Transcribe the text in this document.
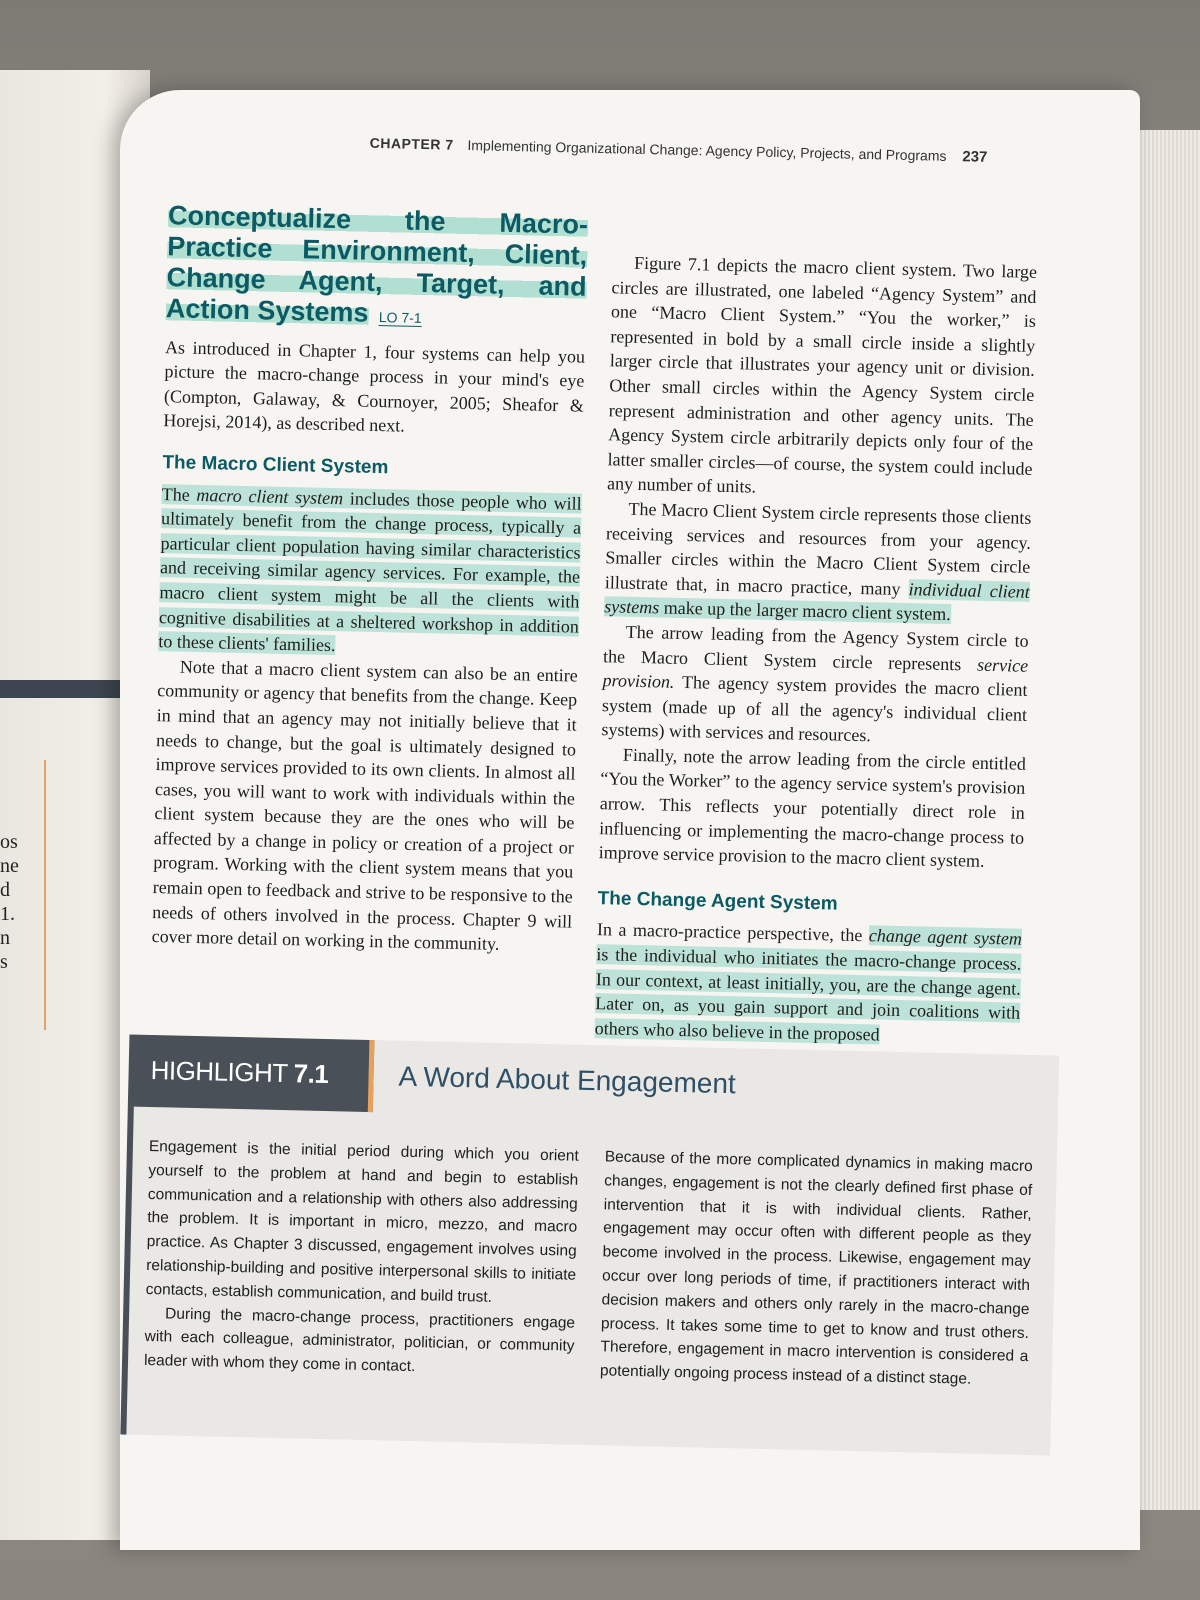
os
ne
d
1.
n
s
CHAPTER 7 Implementing Organizational Change: Agency Policy, Projects, and Programs 237
Conceptualize the Macro-Practice Environment, Client, Change Agent, Target, and Action Systems LO 7-1

As introduced in Chapter 1, four systems can help you picture the macro-change process in your mind's eye (Compton, Galaway, & Cournoyer, 2005; Sheafor & Horejsi, 2014), as described next.

The Macro Client System

The macro client system includes those people who will ultimately benefit from the change process, typically a particular client population having similar characteristics and receiving similar agency services. For example, the macro client system might be all the clients with cognitive disabilities at a sheltered workshop in addition to these clients' families.

Note that a macro client system can also be an entire community or agency that benefits from the change. Keep in mind that an agency may not initially believe that it needs to change, but the goal is ultimately designed to improve services provided to its own clients. In almost all cases, you will want to work with individuals within the client system because they are the ones who will be affected by a change in policy or creation of a project or program. Working with the client system means that you remain open to feedback and strive to be responsive to the needs of others involved in the process. Chapter 9 will cover more detail on working in the community.

Figure 7.1 depicts the macro client system. Two large circles are illustrated, one labeled “Agency System” and one “Macro Client System.” “You the worker,” is represented in bold by a small circle inside a slightly larger circle that illustrates your agency unit or division. Other small circles within the Agency System circle represent administration and other agency units. The Agency System circle arbitrarily depicts only four of the latter smaller circles—of course, the system could include any number of units.

The Macro Client System circle represents those clients receiving services and resources from your agency. Smaller circles within the Macro Client System circle illustrate that, in macro practice, many individual client systems make up the larger macro client system.

The arrow leading from the Agency System circle to the Macro Client System circle represents service provision. The agency system provides the macro client system (made up of all the agency's individual client systems) with services and resources.

Finally, note the arrow leading from the circle entitled “You the Worker” to the agency service system's provision arrow. This reflects your potentially direct role in influencing or implementing the macro-change process to improve service provision to the macro client system.

The Change Agent System

In a macro-practice perspective, the change agent system is the individual who initiates the macro-change process. In our context, at least initially, you, are the change agent. Later on, as you gain support and join coalitions with others who also believe in the proposed

HIGHLIGHT 7.1	A Word About Engagement

Engagement is the initial period during which you orient yourself to the problem at hand and begin to establish communication and a relationship with others also addressing the problem. It is important in micro, mezzo, and macro practice. As Chapter 3 discussed, engagement involves using relationship-building and positive interpersonal skills to initiate contacts, establish communication, and build trust.

During the macro-change process, practitioners engage with each colleague, administrator, politician, or community leader with whom they come in contact.

Because of the more complicated dynamics in making macro changes, engagement is not the clearly defined first phase of intervention that it is with individual clients. Rather, engagement may occur often with different people as they become involved in the process. Likewise, engagement may occur over long periods of time, if practitioners interact with decision makers and others only rarely in the macro-change process. It takes some time to get to know and trust others. Therefore, engagement in macro intervention is considered a potentially ongoing process instead of a distinct stage.
